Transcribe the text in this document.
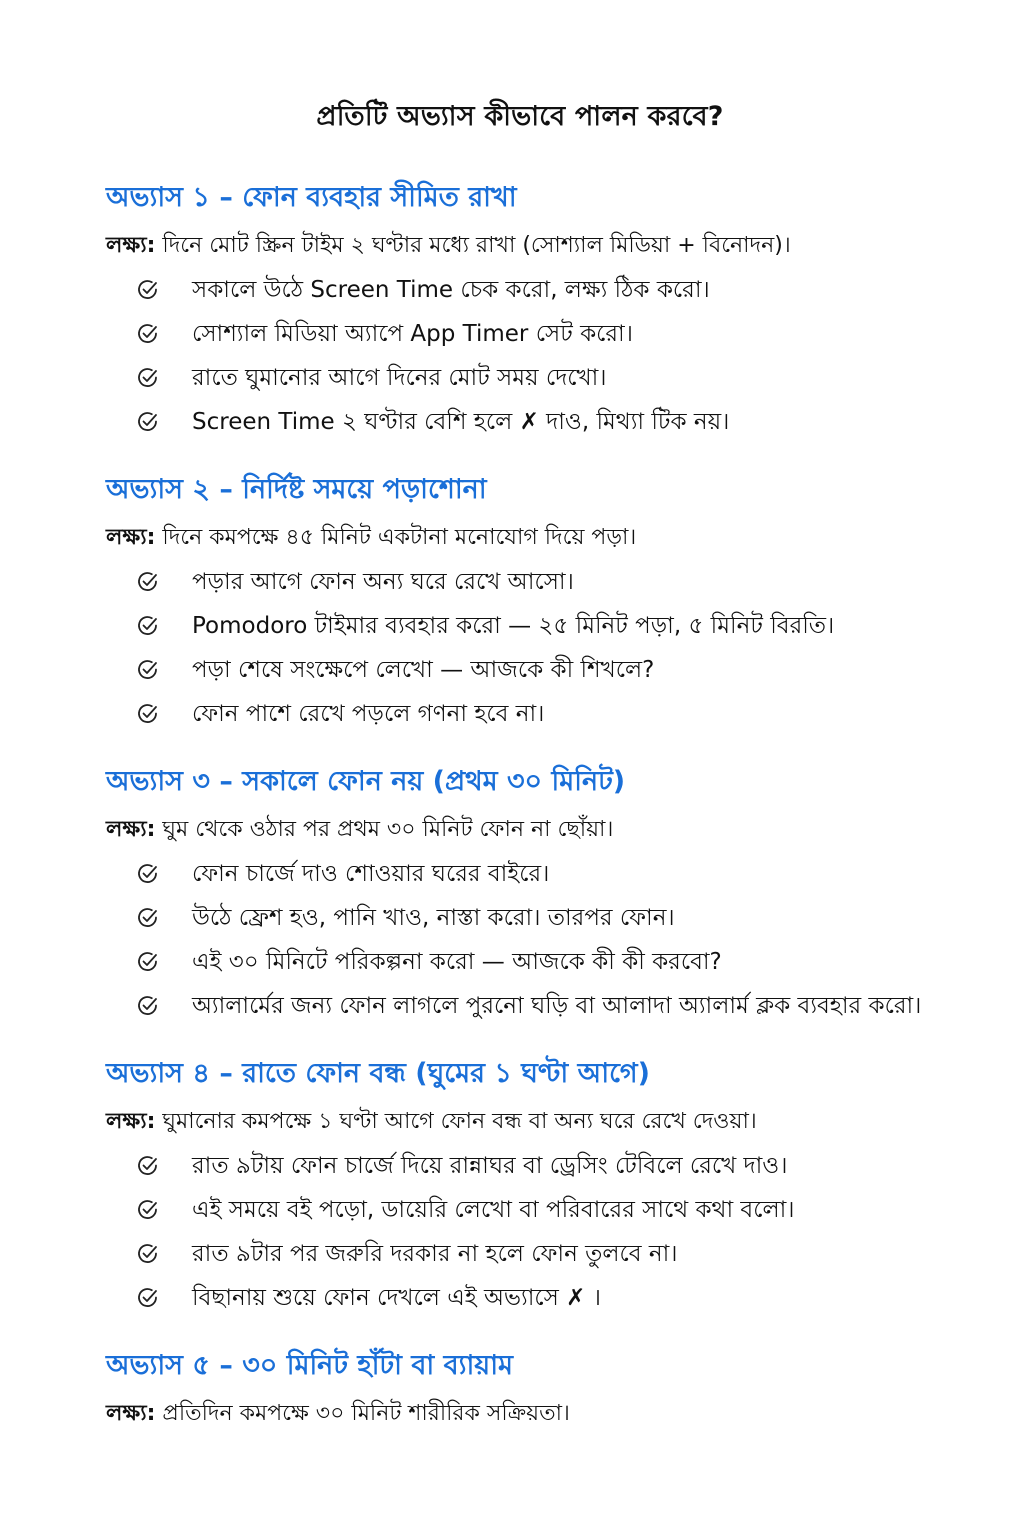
প্রতিটি অভ্যাস কীভাবে পালন করবে?
অভ্যাস ১ – ফোন ব্যবহার সীমিত রাখা
লক্ষ্য: দিনে মোট স্ক্রিন টাইম ২ ঘণ্টার মধ্যে রাখা (সোশ্যাল মিডিয়া + বিনোদন)।
সকালে উঠে Screen Time চেক করো, লক্ষ্য ঠিক করো।
সোশ্যাল মিডিয়া অ্যাপে App Timer সেট করো।
রাতে ঘুমানোর আগে দিনের মোট সময় দেখো।
Screen Time ২ ঘণ্টার বেশি হলে ✗ দাও, মিথ্যা টিক নয়।
অভ্যাস ২ – নির্দিষ্ট সময়ে পড়াশোনা
লক্ষ্য: দিনে কমপক্ষে ৪৫ মিনিট একটানা মনোযোগ দিয়ে পড়া।
পড়ার আগে ফোন অন্য ঘরে রেখে আসো।
Pomodoro টাইমার ব্যবহার করো — ২৫ মিনিট পড়া, ৫ মিনিট বিরতি।
পড়া শেষে সংক্ষেপে লেখো — আজকে কী শিখলে?
ফোন পাশে রেখে পড়লে গণনা হবে না।
অভ্যাস ৩ – সকালে ফোন নয় (প্রথম ৩০ মিনিট)
লক্ষ্য: ঘুম থেকে ওঠার পর প্রথম ৩০ মিনিট ফোন না ছোঁয়া।
ফোন চার্জে দাও শোওয়ার ঘরের বাইরে।
উঠে ফ্রেশ হও, পানি খাও, নাস্তা করো। তারপর ফোন।
এই ৩০ মিনিটে পরিকল্পনা করো — আজকে কী কী করবো?
অ্যালার্মের জন্য ফোন লাগলে পুরনো ঘড়ি বা আলাদা অ্যালার্ম ক্লক ব্যবহার করো।
অভ্যাস ৪ – রাতে ফোন বন্ধ (ঘুমের ১ ঘণ্টা আগে)
লক্ষ্য: ঘুমানোর কমপক্ষে ১ ঘণ্টা আগে ফোন বন্ধ বা অন্য ঘরে রেখে দেওয়া।
রাত ৯টায় ফোন চার্জে দিয়ে রান্নাঘর বা ড্রেসিং টেবিলে রেখে দাও।
এই সময়ে বই পড়ো, ডায়েরি লেখো বা পরিবারের সাথে কথা বলো।
রাত ৯টার পর জরুরি দরকার না হলে ফোন তুলবে না।
বিছানায় শুয়ে ফোন দেখলে এই অভ্যাসে ✗ ।
অভ্যাস ৫ – ৩০ মিনিট হাঁটা বা ব্যায়াম
লক্ষ্য: প্রতিদিন কমপক্ষে ৩০ মিনিট শারীরিক সক্রিয়তা।
